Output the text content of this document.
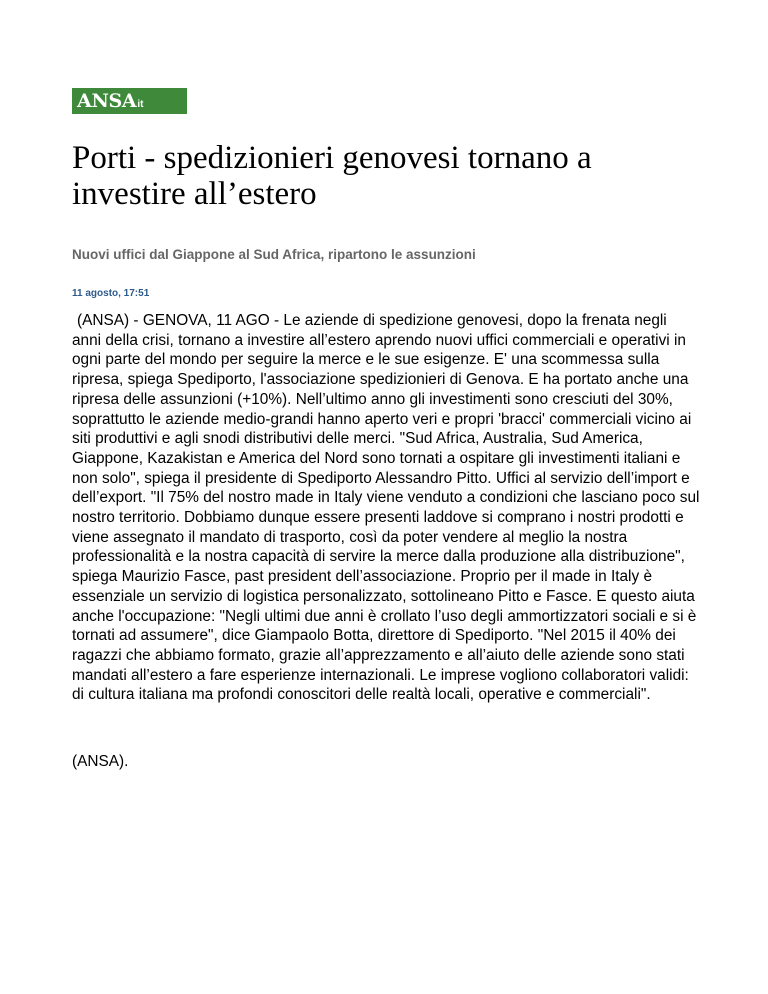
ANSA it
Porti - spedizionieri genovesi tornano a investire all’estero

Nuovi uffici dal Giappone al Sud Africa, ripartono le assunzioni

11 agosto, 17:51

(ANSA) - GENOVA, 11 AGO - Le aziende di spedizione genovesi, dopo la frenata negli anni della crisi, tornano a investire all’estero aprendo nuovi uffici commerciali e operativi in ogni parte del mondo per seguire la merce e le sue esigenze. E' una scommessa sulla ripresa, spiega Spediporto, l'associazione spedizionieri di Genova. E ha portato anche una ripresa delle assunzioni (+10%). Nell’ultimo anno gli investimenti sono cresciuti del 30%, soprattutto le aziende medio-grandi hanno aperto veri e propri 'bracci' commerciali vicino ai siti produttivi e agli snodi distributivi delle merci. "Sud Africa, Australia, Sud America, Giappone, Kazakistan e America del Nord sono tornati a ospitare gli investimenti italiani e non solo", spiega il presidente di Spediporto Alessandro Pitto. Uffici al servizio dell’import e dell’export. "Il 75% del nostro made in Italy viene venduto a condizioni che lasciano poco sul nostro territorio. Dobbiamo dunque essere presenti laddove si comprano i nostri prodotti e viene assegnato il mandato di trasporto, così da poter vendere al meglio la nostra professionalità e la nostra capacità di servire la merce dalla produzione alla distribuzione", spiega Maurizio Fasce, past president dell’associazione. Proprio per il made in Italy è essenziale un servizio di logistica personalizzato, sottolineano Pitto e Fasce. E questo aiuta anche l'occupazione: "Negli ultimi due anni è crollato l’uso degli ammortizzatori sociali e si è tornati ad assumere", dice Giampaolo Botta, direttore di Spediporto. "Nel 2015 il 40% dei ragazzi che abbiamo formato, grazie all’apprezzamento e all’aiuto delle aziende sono stati mandati all’estero a fare esperienze internazionali. Le imprese vogliono collaboratori validi: di cultura italiana ma profondi conoscitori delle realtà locali, operative e commerciali".

(ANSA).
